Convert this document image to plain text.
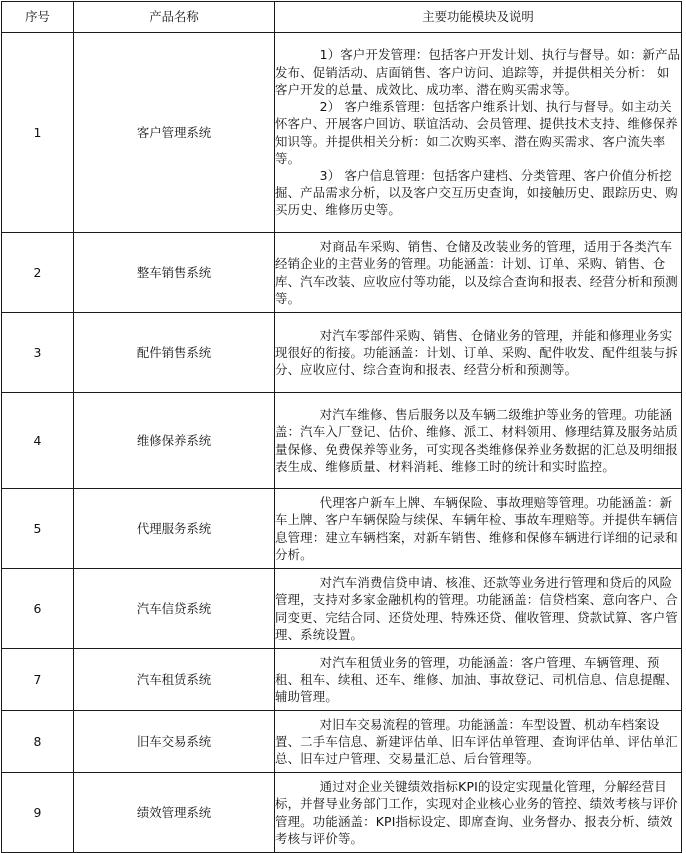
序号	产品名称	主要功能模块及说明
1	客户管理系统	1）客户开发管理：包括客户开发计划、执行与督导。如：新产品发布、促销活动、店面销售、客户访问、追踪等，并提供相关分析： 如客户开发的总量、成效比、成功率、潜在购买需求等。

2） 客户维系管理：包括客户维系计划、执行与督导。如主动关怀客户、开展客户回访、联谊活动、会员管理、提供技术支持、维修保养知识等。并提供相关分析：如二次购买率、潜在购买需求、客户流失率等。

3） 客户信息管理：包括客户建档、分类管理、客户价值分析挖掘、产品需求分析，以及客户交互历史查询，如接触历史、跟踪历史、购买历史、维修历史等。

2	整车销售系统	对商品车采购、销售、仓储及改装业务的管理，适用于各类汽车经销企业的主营业务的管理。功能涵盖：计划、订单、采购、销售、仓库、汽车改装、应收应付等功能，以及综合查询和报表、经营分析和预测等。

3	配件销售系统	对汽车零部件采购、销售、仓储业务的管理，并能和修理业务实现很好的衔接。功能涵盖：计划、订单、采购、配件收发、配件组装与拆分、应收应付、综合查询和报表、经营分析和预测等。

4	维修保养系统	对汽车维修、售后服务以及车辆二级维护等业务的管理。功能涵盖：汽车入厂登记、估价、维修、派工、材料领用、修理结算及服务站质量保修、免费保养等业务，可实现各类维修保养业务数据的汇总及明细报表生成、维修质量、材料消耗、维修工时的统计和实时监控。

5	代理服务系统	代理客户新车上牌、车辆保险、事故理赔等管理。功能涵盖：新车上牌、客户车辆保险与续保、车辆年检、事故车理赔等。并提供车辆信息管理：建立车辆档案，对新车销售、维修和保修车辆进行详细的记录和分析。

6	汽车信贷系统	对汽车消费信贷申请、核准、还款等业务进行管理和贷后的风险管理，支持对多家金融机构的管理。功能涵盖：信贷档案、意向客户、合同变更、完结合同、还贷处理、特殊还贷、催收管理、贷款试算、客户管理、系统设置。

7	汽车租赁系统	对汽车租赁业务的管理，功能涵盖：客户管理、车辆管理、预租、租车、续租、还车、维修、加油、事故登记、司机信息、信息提醒、辅助管理。

8	旧车交易系统	对旧车交易流程的管理。功能涵盖：车型设置、机动车档案设置、二手车信息、新建评估单、旧车评估单管理、查询评估单、评估单汇总、旧车过户管理、交易量汇总、后台管理等。

9	绩效管理系统	通过对企业关键绩效指标KPI的设定实现量化管理，分解经营目标，并督导业务部门工作，实现对企业核心业务的管控、绩效考核与评价管理。功能涵盖：KPI指标设定、即席查询、业务督办、报表分析、绩效考核与评价等。
